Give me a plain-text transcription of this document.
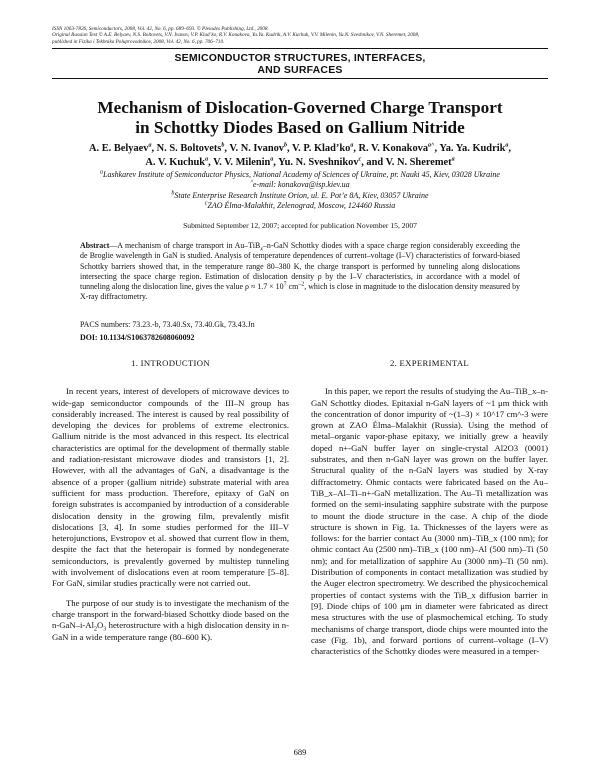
ISSN 1063-7826, Semiconductors, 2008, Vol. 42, No. 6, pp. 689–693. © Pleiades Publishing, Ltd., 2008.
Original Russian Text © A.E. Belyaev, N.S. Boltovets, V.N. Ivanov, V.P. Klad’ko, R.V. Konakova, Ya.Ya. Kudrik, A.V. Kuchuk, V.V. Milenin, Yu.N. Sveshnikov, V.N. Sheremet, 2008,
published in Fizika i Tekhnika Poluprovodnikov, 2008, Vol. 42, No. 6, pp. 706–710.
SEMICONDUCTOR STRUCTURES, INTERFACES,
AND SURFACES
Mechanism of Dislocation-Governed Charge Transport
in Schottky Diodes Based on Gallium Nitride
A. E. Belyaev$^a$, N. S. Boltovets$^b$, V. N. Ivanov$^b$, V. P. $Klad’ko^a$, R. V. Konakova$^{a\^{}}$, Ya. Ya. Kudrik$^a$,
A. V. Kuchuk$^a$, V. V. Milenin$^a$, Yu. N. Sveshnikov$^c$, and V. N. Sheremet$^a$
$^a$Lashkarev Institute of Semiconductor Physics, National Academy of Sciences of Ukraine, pr. Nauki 45, Kiev, 03028 Ukraine
^e-mail: konakova@isp.kiev.ua
$^b$State Enterprise Research Institute Orion, ul. E. Pot’e 8A, Kiev, 03057 Ukraine
$^c$ZAO Élma-Malakhit, Zelenograd, Moscow, 124460 Russia
Submitted September 12, 2007; accepted for publication November 15, 2007
Abstract—A mechanism of charge transport in Au–TiB$_x$–n-GaN Schottky diodes with a space charge region considerably exceeding the de Broglie wavelength in GaN is studied. Analysis of temperature dependences of current–voltage (I–V) characteristics of forward-biased Schottky barriers showed that, in the temperature range 80–380 K, the charge transport is performed by tunneling along dislocations intersecting the space charge region. Estimation of dislocation density ρ by the I–V characteristics, in accordance with a model of tunneling along the dislocation line, gives the value $\rho \approx 1.7 \times 10^7$ $cm^{-2}$, which is close in magnitude to the dislocation density measured by X-ray diffractometry.
PACS numbers: 73.23.-b, 73.40.Sx, 73.40.Gk, 73.43.Jn
DOI: 10.1134/S1063782608060092
1. INTRODUCTION

In recent years, interest of developers of microwave devices to wide-gap semiconductor compounds of the III–N group has considerably increased. The interest is caused by real possibility of developing the devices for problems of extreme electronics. Gallium nitride is the most advanced in this respect. Its electrical characteristics are optimal for the development of thermally stable and radiation-resistant microwave diodes and transistors [1, 2]. However, with all the advantages of GaN, a disadvantage is the absence of a proper (gallium nitride) substrate material with area sufficient for mass production. Therefore, epitaxy of GaN on foreign substrates is accompanied by introduction of a considerable dislocation density in the growing film, prevalently misfit dislocations [3, 4]. In some studies performed for the III–V heterojunctions, Evstropov et al. showed that current flow in them, despite the fact that the heteropair is formed by nondegenerate semiconductors, is prevalently governed by multistep tunneling with involvement of dislocations even at room temperature [5–8]. For GaN, similar studies practically were not carried out.

The purpose of our study is to investigate the mechanism of the charge transport in the forward-biased Schottky diode based on the $n-GaN-i-Al_2O_3$ heterostructure with a high dislocation density in n-GaN in a wide temperature range (80–600 K).

2. EXPERIMENTAL

In this paper, we report the results of studying the Au–TiB_x–n-GaN Schottky diodes. Epitaxial n-GaN layers of ~1 μm thick with the concentration of donor impurity of ~(1–3) × 10^17 cm^-3 were grown at ZAO Élma–Malakhit (Russia). Using the method of metal–organic vapor-phase epitaxy, we initially grew a heavily doped n+-GaN buffer layer on single-crystal Al2O3 (0001) substrates, and then n-GaN layer was grown on the buffer layer. Structural quality of the n-GaN layers was studied by X-ray diffractometry. Ohmic contacts were fabricated based on the Au–TiB_x–Al–Ti–n+-GaN metallization. The Au–Ti metallization was formed on the semi-insulating sapphire substrate with the purpose to mount the diode structure in the case. A chip of the diode structure is shown in Fig. 1a. Thicknesses of the layers were as follows: for the barrier contact Au (3000 nm)–TiB_x (100 nm); for ohmic contact Au (2500 nm)–TiB_x (100 nm)–Al (500 nm)–Ti (50 nm); and for metallization of sapphire Au (3000 nm)–Ti (50 nm). Distribution of components in contact metallization was studied by the Auger electron spectrometry. We described the physicochemical properties of contact systems with the TiB_x diffusion barrier in [9]. Diode chips of 100 μm in diameter were fabricated as direct mesa structures with the use of plasmochemical etching. To study mechanisms of charge transport, diode chips were mounted into the case (Fig. 1b), and forward portions of current–voltage (I–V) characteristics of the Schottky diodes were measured in a temper-

689
